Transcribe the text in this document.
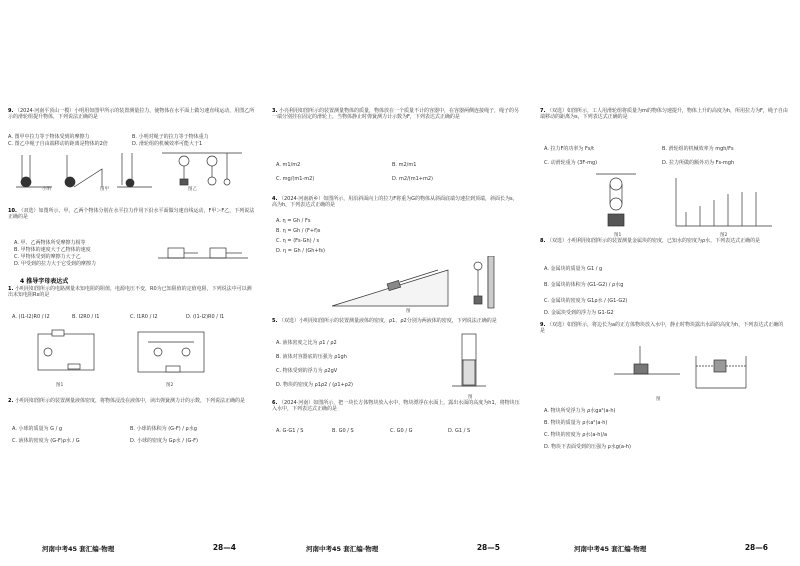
9. （2024·河南平顶山一模）小明用如图甲所示的装置测量拉力，使物体在水平面上做匀速直线运动，用图乙所示的滑轮组提升物体，下列说法正确的是
A. 图甲中拉力等于物体受到的摩擦力	B. 小明对绳子的拉力等于物体重力
C. 图乙中绳子自由端移动的距离是物体的2倍	D. 滑轮组的机械效率可能大于1
小明	图甲	图乙
10. （双选）如图所示，甲、乙两个物体分别在水平拉力作用下沿水平面做匀速直线运动，F甲＞F乙，下列说法正确的是
A. 甲、乙两物体所受摩擦力相等
B. 甲物体的速度大于乙物体的速度
C. 甲物体受到的摩擦力大于乙
D. 甲受到的拉力大于它受到的摩擦力
4 推导字母表达式
1. 小明用如图所示的电路测量未知电阻的阻值，电源电压不变，R0为已知阻值的定值电阻，下列说法中可以测出未知电阻Rx的是
A. (I1-I2)R0 / I2	B. I2R0 / I1	C. I1R0 / I2	D. (I1-I2)R0 / I1
图1	图2
2. 小明用如图所示的装置测量液体密度，将物体浸没在液体中，读出弹簧测力计的示数，下列说法正确的是
A. 小球的质量为 G / g	B. 小球的体积为 (G-F) / ρ水g
C. 液体的密度为 (G-F)ρ水 / G	D. 小球的密度为 Gρ水 / (G-F)
河南中考45 套汇编·物理	28—4
3. 小亮利用如图所示的装置测量物体的质量，物体放在一个质量不计的容器中，在容器两侧连接绳子，绳子的另一端分别挂在固定的滑轮上，当物体静止时弹簧测力计示数为F，下列表达式正确的是
A. m1/m2	B. m2/m1
C. mg/(m1-m2)	D. m2/(m1+m2)
4. （2024·河南新乡）如图所示，用沿斜面向上的拉力F将重为G的物体从斜面底端匀速拉到顶端，斜面长为s，高为h，下列表达式正确的是
A. η = Gh / Fs
B. η = Gh / (F+f)s
C. η = (Fs-Gh) / s
D. η = Gh / (Gh+fs)
图
5. （双选）小明用如图所示的装置测量液体的密度，ρ1、ρ2分别为两液体的密度，下列说法正确的是
A. 液体密度之比为 ρ1 / ρ2
B. 液体对容器底的压强为 ρ1gh
C. 物体受到的浮力为 ρ2gV
D. 物块的密度为 ρ1ρ2 / (ρ1+ρ2)
图
6. （2024·河南）如图所示，把一块长方体物块放入水中，物块漂浮在水面上，露出水面的高度为h1，将物块压入水中，下列表达式正确的是
A. G-G1 / S	B. G0 / S	C. G0 / G	D. G1 / S
河南中考45 套汇编·物理	28—5
7. （双选）如图所示，工人用滑轮组将质量为m的物体匀速提升，物体上升的高度为h，所用拉力为F，绳子自由端移动的距离为s，下列表达式正确的是
A. 拉力F的功率为 Fs/t	B. 滑轮组的机械效率为 mgh/Fs
C. 动滑轮重为 (3F-mg)	D. 拉力所做的额外功为 Fs-mgh
图1	图2
8. （双选）小明利用如图所示的装置测量金属块的密度，已知水的密度为ρ水，下列表达式正确的是
A. 金属块的质量为 G1 / g
B. 金属块的体积为 (G1-G2) / ρ水g
C. 金属块的密度为 G1ρ水 / (G1-G2)
D. 金属块受到的浮力为 G1-G2
9. （双选）如图所示，将边长为a的正方体物块放入水中，静止时物块露出水面的高度为h，下列表达式正确的是
图
A. 物块所受浮力为 ρ水ga²(a-h)
B. 物块的质量为 ρ水a²(a-h)
C. 物块的密度为 ρ水(a-h)/a
D. 物块下表面受到的压强为 ρ水g(a-h)
河南中考45 套汇编·物理	28—6
